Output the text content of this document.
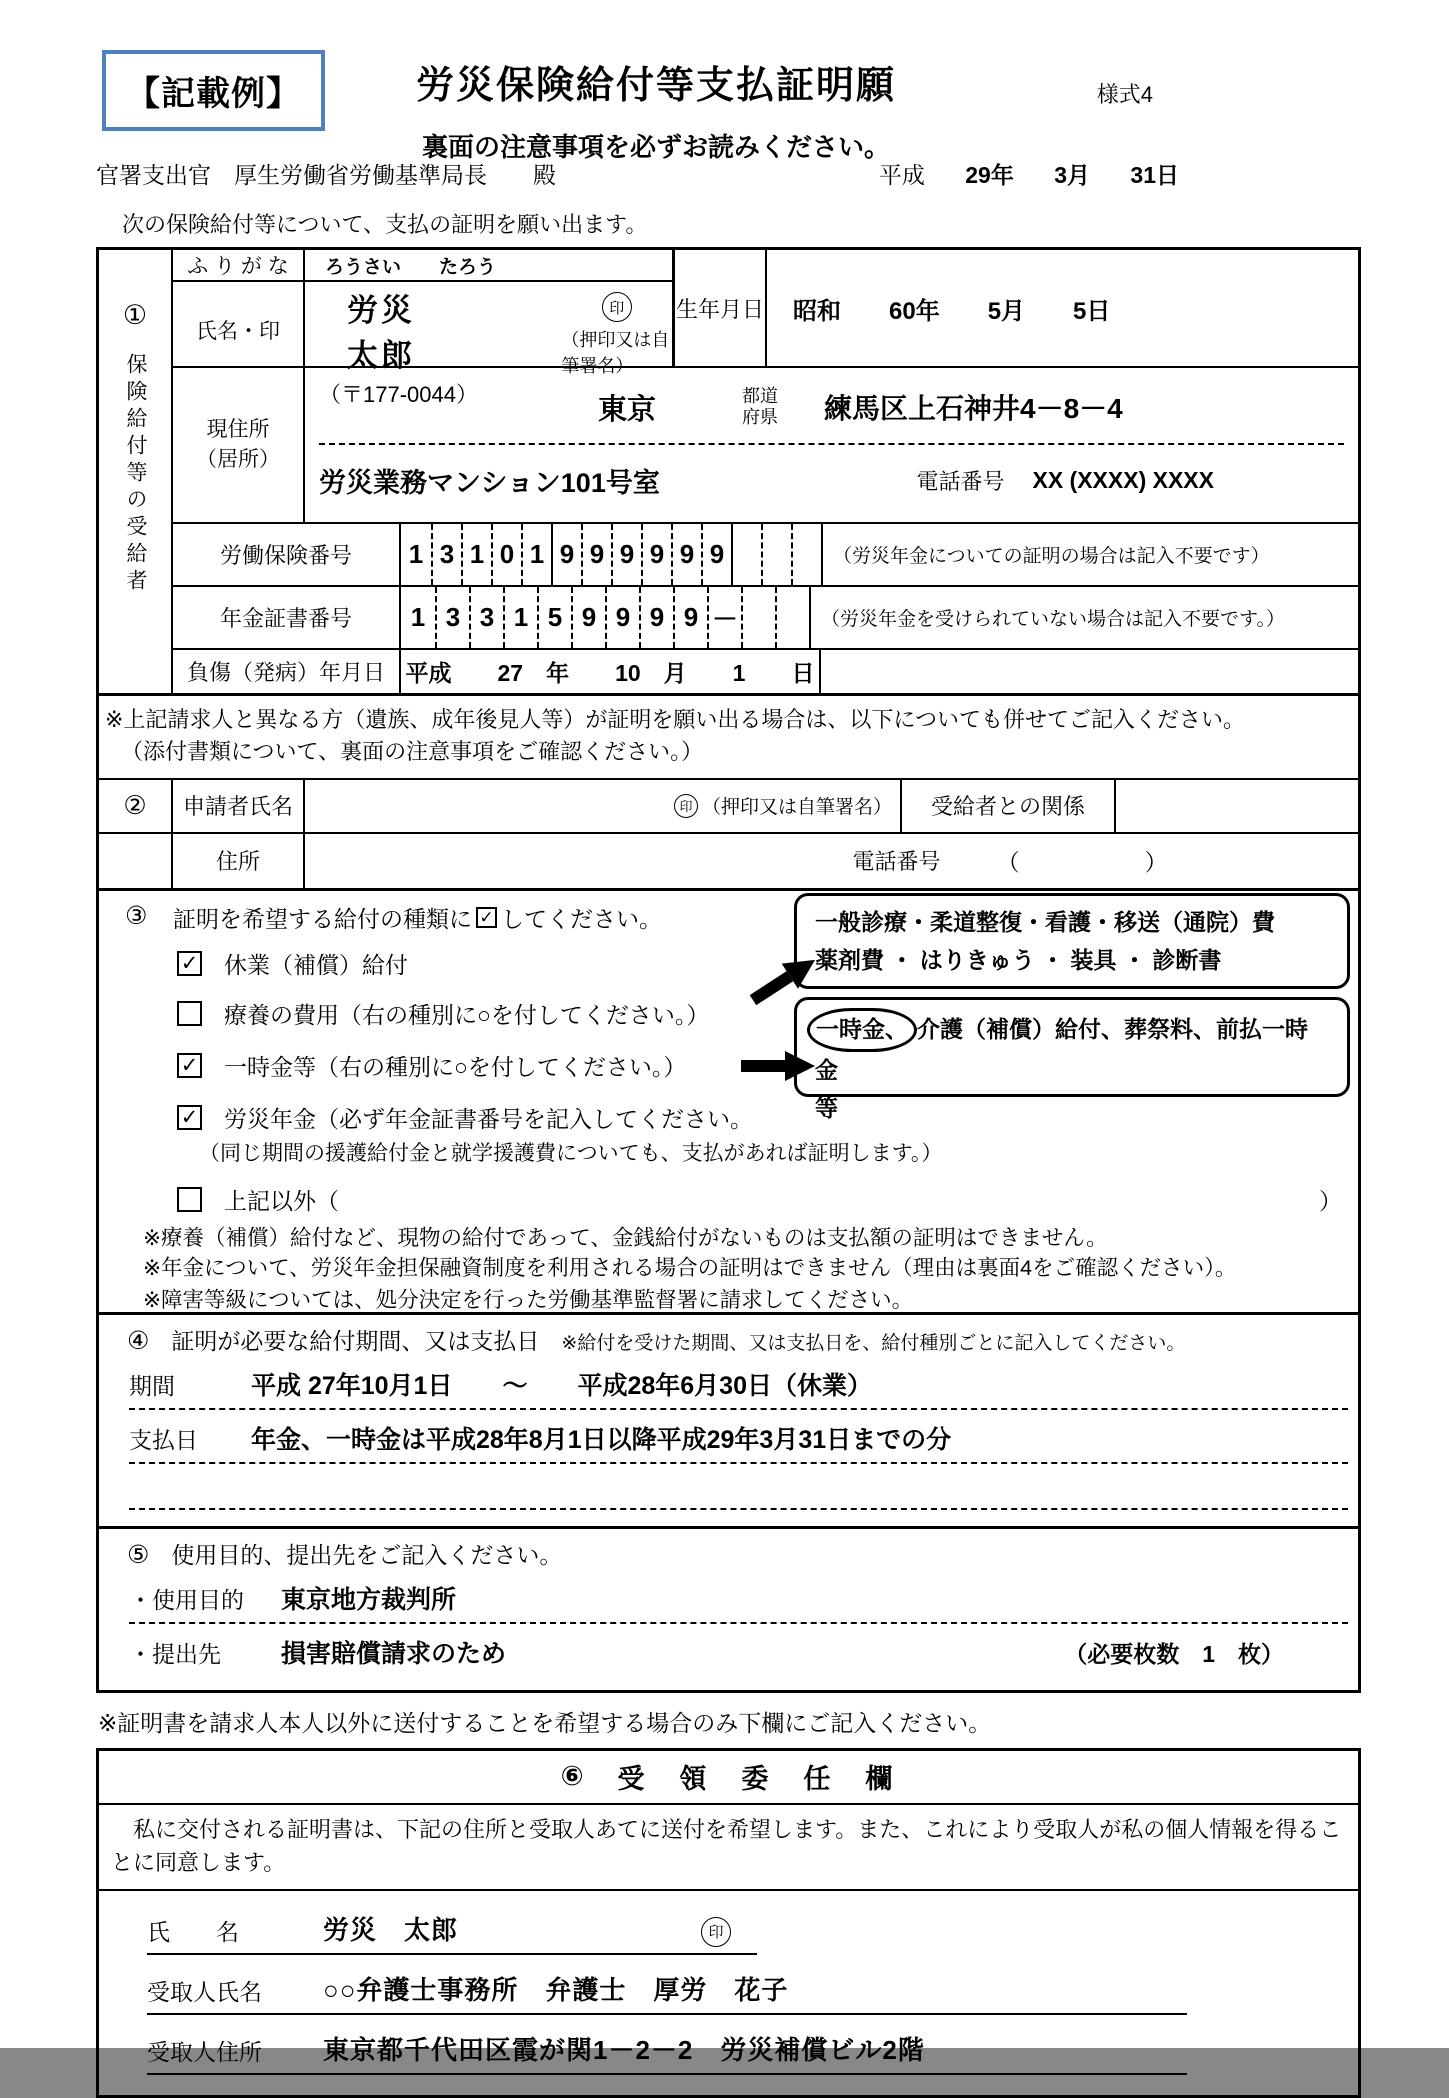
【記載例】	労災保険給付等支払証明願
裏面の注意事項を必ずお読みください。
様式4
官署支出官　厚生労働省労働基準局長　　殿	平成 29年 3月 31日
次の保険給付等について、支払の証明を願い出ます。
①
保険給付等の受給者
ふ り が な	ろうさい　　たろう
氏名・印
労災　太郎
印
（押印又は自筆署名）
生年月日	昭和　　60年　　5月　　5日
現住所
（居所）
（〒177-0044）	東京	都道
府県 練馬区上石神井4－8－4
労災業務マンション101号室	電話番号 XX (XXXX) XXXX
労働保険番号	1 3 1 0 1 9 9 9 9 9 9	（労災年金についての証明の場合は記入不要です）
年金証書番号	1 3 3 1 5 9 9 9 9 －	（労災年金を受けられていない場合は記入不要です。）
負傷（発病）年月日 平成　　27　年　　10　月　　1　　日
※上記請求人と異なる方（遺族、成年後見人等）が証明を願い出る場合は、以下についても併せてご記入ください。
（添付書類について、裏面の注意事項をご確認ください。）
②	申請者氏名	印 （押印又は自筆署名）	受給者との関係
住所	電話番号 （　　　）
③ 証明を希望する給付の種類に ✓ してください。
✓ 休業（補償）給付
療養の費用（右の種別に○を付してください。）
✓ 一時金等（右の種別に○を付してください。）
✓ 労災年金（必ず年金証書番号を記入してください。
（同じ期間の援護給付金と就学援護費についても、支払があれば証明します。）
上記以外（	）
※療養（補償）給付など、現物の給付であって、金銭給付がないものは支払額の証明はできません。
※年金について、労災年金担保融資制度を利用される場合の証明はできません（理由は裏面4をご確認ください）。
※障害等級については、処分決定を行った労働基準監督署に請求してください。
一般診療・柔道整復・看護・移送（通院）費
薬剤費 ・ はりきゅう ・ 装具 ・ 診断書
一時金、 介護（補償）給付、葬祭料、前払一時金
等
④ 証明が必要な給付期間、又は支払日 ※給付を受けた期間、又は支払日を、給付種別ごとに記入してください。
期間	平成 27年10月1日　　～　　平成28年6月30日（休業）
支払日	年金、一時金は平成28年8月1日以降平成29年3月31日までの分
⑤ 使用目的、提出先をご記入ください。
・使用目的	東京地方裁判所
・提出先	損害賠償請求のため	（必要枚数　1　枚）
※証明書を請求人本人以外に送付することを希望する場合のみ下欄にご記入ください。
⑥ 受　領　委　任　欄
　私に交付される証明書は、下記の住所と受取人あてに送付を希望します。また、これにより受取人が私の個人情報を得ることに同意します。
氏　　名	労災　太郎	印
受取人氏名	○○弁護士事務所　弁護士　厚労　花子
受取人住所	東京都千代田区霞が関1－2－2　労災補償ビル2階
